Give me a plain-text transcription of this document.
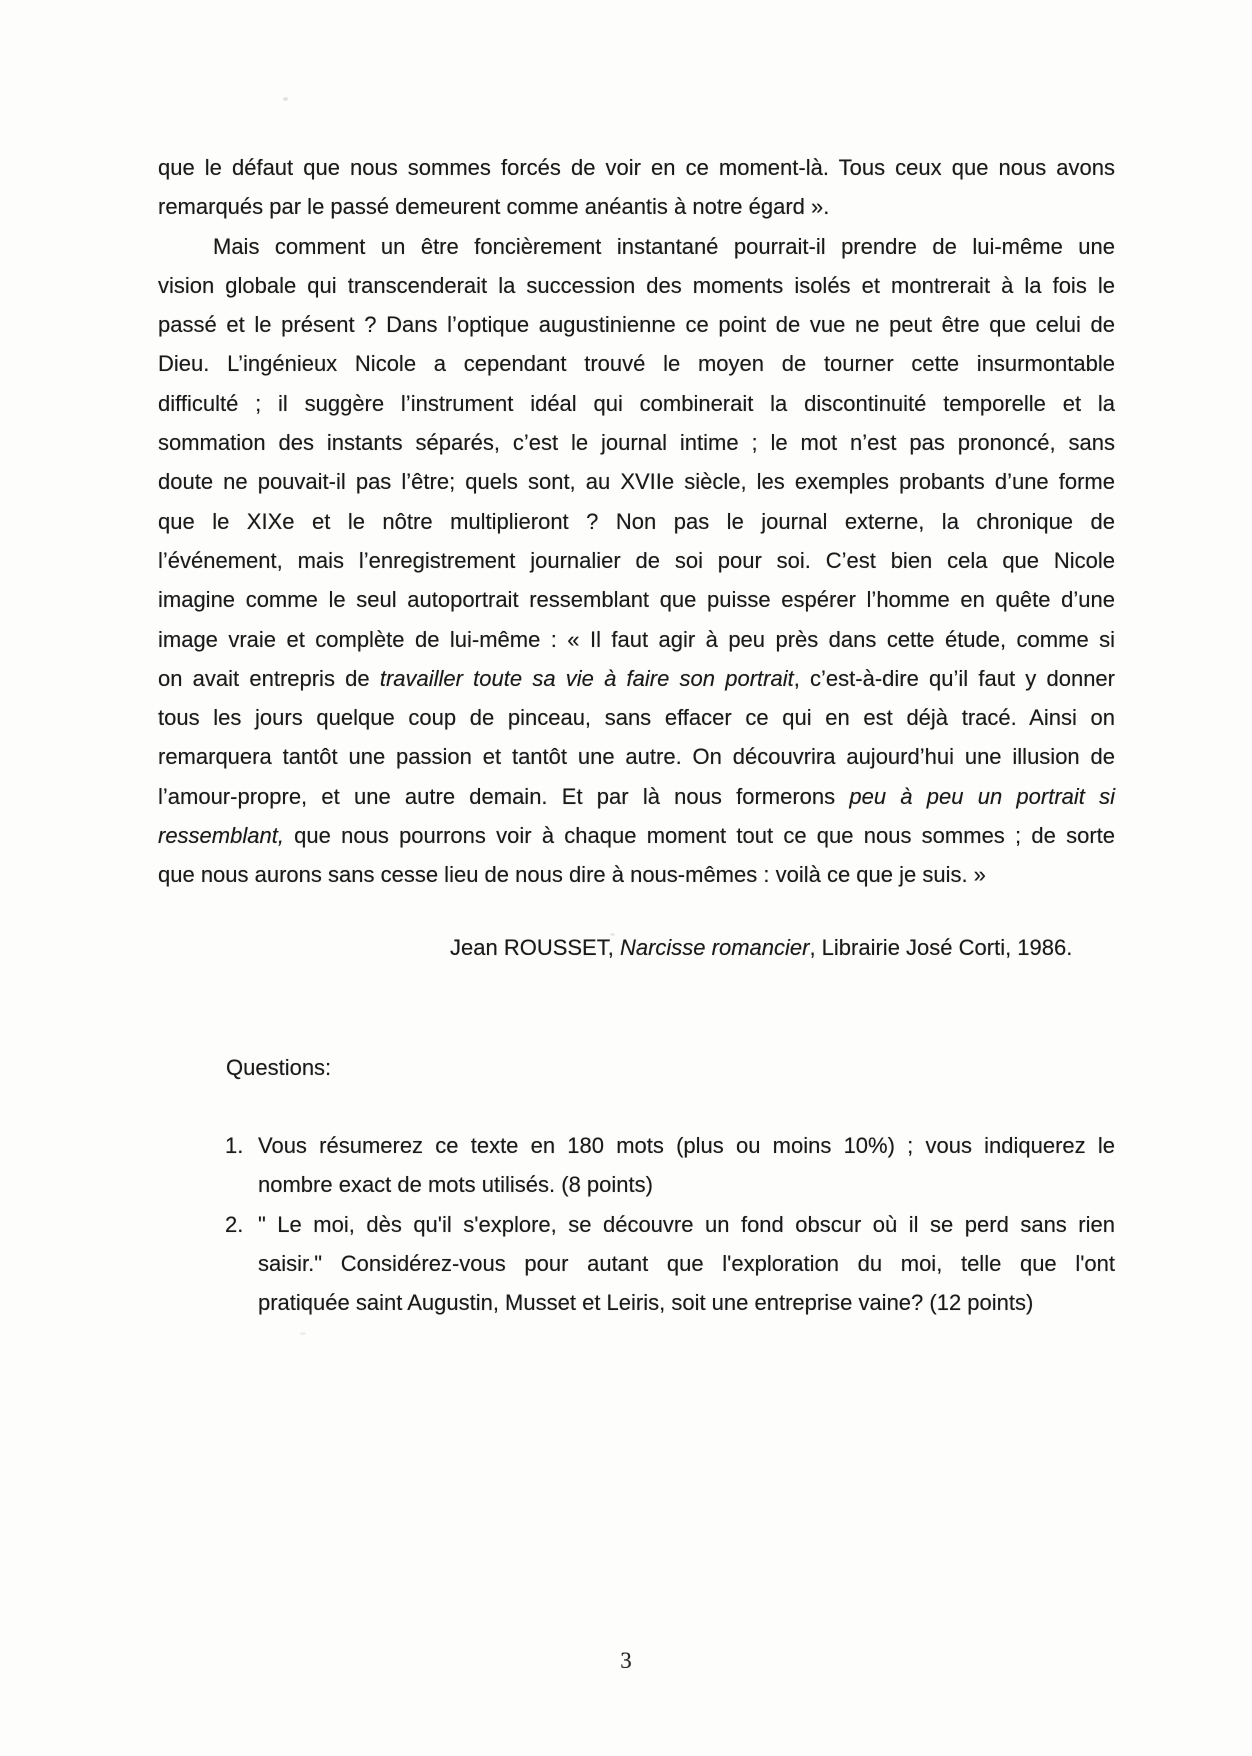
que le défaut que nous sommes forcés de voir en ce moment-là. Tous ceux que nous avons
remarqués par le passé demeurent comme anéantis à notre égard ».
Mais comment un être foncièrement instantané pourrait-il prendre de lui-même une
vision globale qui transcenderait la succession des moments isolés et montrerait à la fois le
passé et le présent ? Dans l’optique augustinienne ce point de vue ne peut être que celui de
Dieu. L’ingénieux Nicole a cependant trouvé le moyen de tourner cette insurmontable
difficulté ; il suggère l’instrument idéal qui combinerait la discontinuité temporelle et la
sommation des instants séparés, c’est le journal intime ; le mot n’est pas prononcé, sans
doute ne pouvait-il pas l’être; quels sont, au XVIIe siècle, les exemples probants d’une forme
que le XIXe et le nôtre multiplieront ? Non pas le journal externe, la chronique de
l’événement, mais l’enregistrement journalier de soi pour soi. C’est bien cela que Nicole
imagine comme le seul autoportrait ressemblant que puisse espérer l’homme en quête d’une
image vraie et complète de lui-même : « Il faut agir à peu près dans cette étude, comme si
on avait entrepris de travailler toute sa vie à faire son portrait, c’est-à-dire qu’il faut y donner
tous les jours quelque coup de pinceau, sans effacer ce qui en est déjà tracé. Ainsi on
remarquera tantôt une passion et tantôt une autre. On découvrira aujourd’hui une illusion de
l’amour-propre, et une autre demain. Et par là nous formerons peu à peu un portrait si
ressemblant, que nous pourrons voir à chaque moment tout ce que nous sommes ; de sorte
que nous aurons sans cesse lieu de nous dire à nous-mêmes : voilà ce que je suis. »
Jean ROUSSET, Narcisse romancier, Librairie José Corti, 1986.
Questions:
1. Vous résumerez ce texte en 180 mots (plus ou moins 10%) ; vous indiquerez le
nombre exact de mots utilisés. (8 points)
2. " Le moi, dès qu'il s'explore, se découvre un fond obscur où il se perd sans rien
saisir." Considérez-vous pour autant que l'exploration du moi, telle que l'ont
pratiquée saint Augustin, Musset et Leiris, soit une entreprise vaine? (12 points)
3
